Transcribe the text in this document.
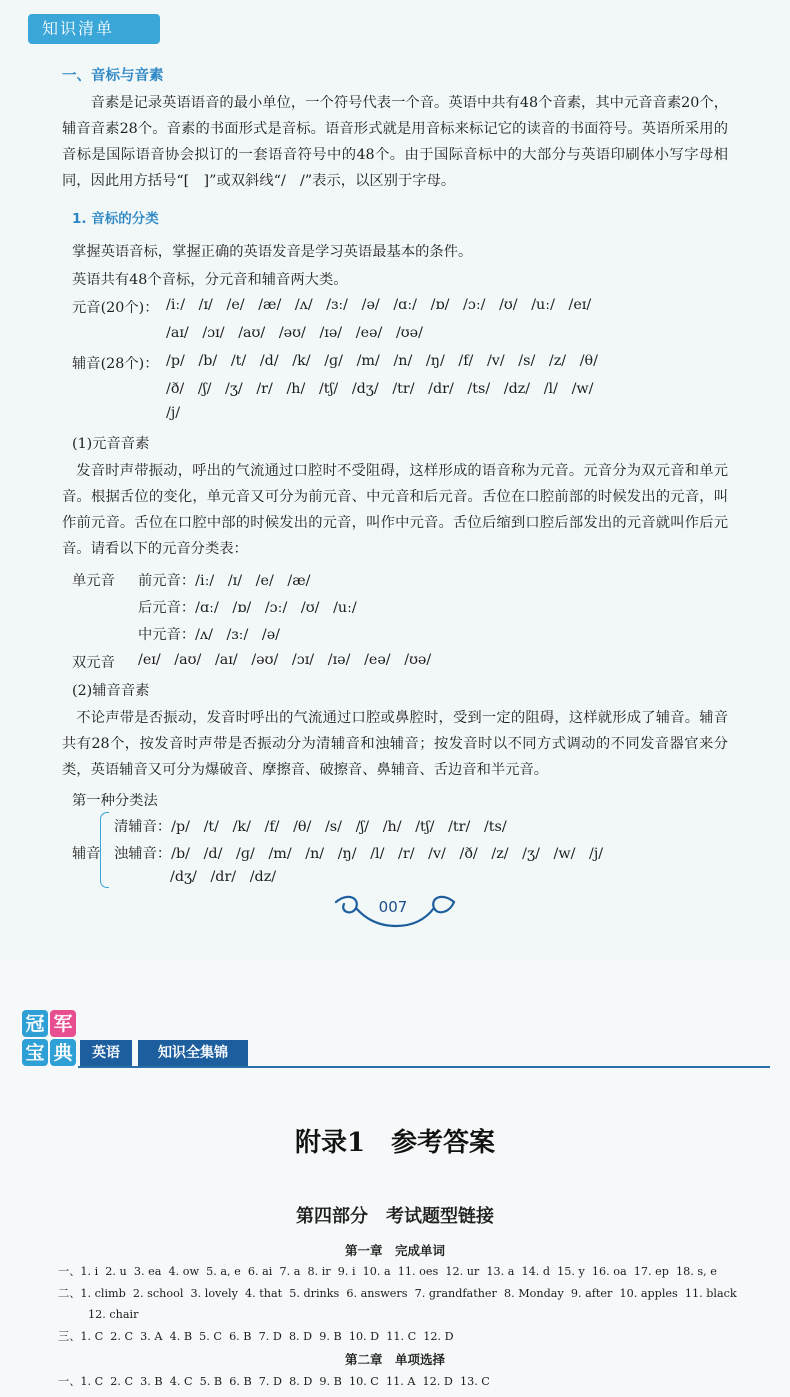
知识清单
一、音标与音素
音素是记录英语语音的最小单位，一个符号代表一个音。英语中共有48个音素，其中元音音素20个，辅音音素28个。音素的书面形式是音标。语音形式就是用音标来标记它的读音的书面符号。英语所采用的音标是国际语音协会拟订的一套语音符号中的48个。由于国际音标中的大部分与英语印刷体小写字母相同，因此用方括号“[　]”或双斜线“/　/”表示，以区别于字母。
1. 音标的分类
掌握英语音标，掌握正确的英语发音是学习英语最基本的条件。
英语共有48个音标，分元音和辅音两大类。
元音(20个)： /iː/   /ɪ/   /e/   /æ/   /ʌ/   /ɜː/   /ə/   /ɑː/   /ɒ/   /ɔː/   /ʊ/   /uː/   /eɪ/
/aɪ/   /ɔɪ/   /aʊ/   /əʊ/   /ɪə/   /eə/   /ʊə/
辅音(28个)： /p/   /b/   /t/   /d/   /k/   /ɡ/   /m/   /n/   /ŋ/   /f/   /v/   /s/   /z/   /θ/
/ð/   /ʃ/   /ʒ/   /r/   /h/   /tʃ/   /dʒ/   /tr/   /dr/   /ts/   /dz/   /l/   /w/
/j/
(1)元音音素
发音时声带振动，呼出的气流通过口腔时不受阻碍，这样形成的语音称为元音。元音分为双元音和单元音。根据舌位的变化，单元音又可分为前元音、中元音和后元音。舌位在口腔前部的时候发出的元音，叫作前元音。舌位在口腔中部的时候发出的元音，叫作中元音。舌位后缩到口腔后部发出的元音就叫作后元音。请看以下的元音分类表：
单元音 前元音：/iː/   /ɪ/   /e/   /æ/
后元音：/ɑː/   /ɒ/   /ɔː/   /ʊ/   /uː/
中元音：/ʌ/   /ɜː/   /ə/
双元音 /eɪ/   /aʊ/   /aɪ/   /əʊ/   /ɔɪ/   /ɪə/   /eə/   /ʊə/
(2)辅音音素
不论声带是否振动，发音时呼出的气流通过口腔或鼻腔时，受到一定的阻碍，这样就形成了辅音。辅音共有28个，按发音时声带是否振动分为清辅音和浊辅音；按发音时以不同方式调动的不同发音器官来分类，英语辅音又可分为爆破音、摩擦音、破擦音、鼻辅音、舌边音和半元音。
第一种分类法
辅音
清辅音：/p/   /t/   /k/   /f/   /θ/   /s/   /ʃ/   /h/   /tʃ/   /tr/   /ts/
浊辅音：/b/   /d/   /ɡ/   /m/   /n/   /ŋ/   /l/   /r/   /v/   /ð/   /z/   /ʒ/   /w/   /j/
/dʒ/   /dr/   /dz/
007
冠 军
宝 典	英语	知识全集锦
附录1　参考答案
第四部分　考试题型链接
第一章　完成单词
一、1. i  2. u  3. ea  4. ow  5. a, e  6. ai  7. a  8. ir  9. i  10. a  11. oes  12. ur  13. a  14. d  15. y  16. oa  17. ep  18. s, e
二、1. climb  2. school  3. lovely  4. that  5. drinks  6. answers  7. grandfather  8. Monday  9. after  10. apples  11. black
12. chair
三、1. C  2. C  3. A  4. B  5. C  6. B  7. D  8. D  9. B  10. D  11. C  12. D
第二章　单项选择
一、1. C  2. C  3. B  4. C  5. B  6. B  7. D  8. D  9. B  10. C  11. A  12. D  13. C
